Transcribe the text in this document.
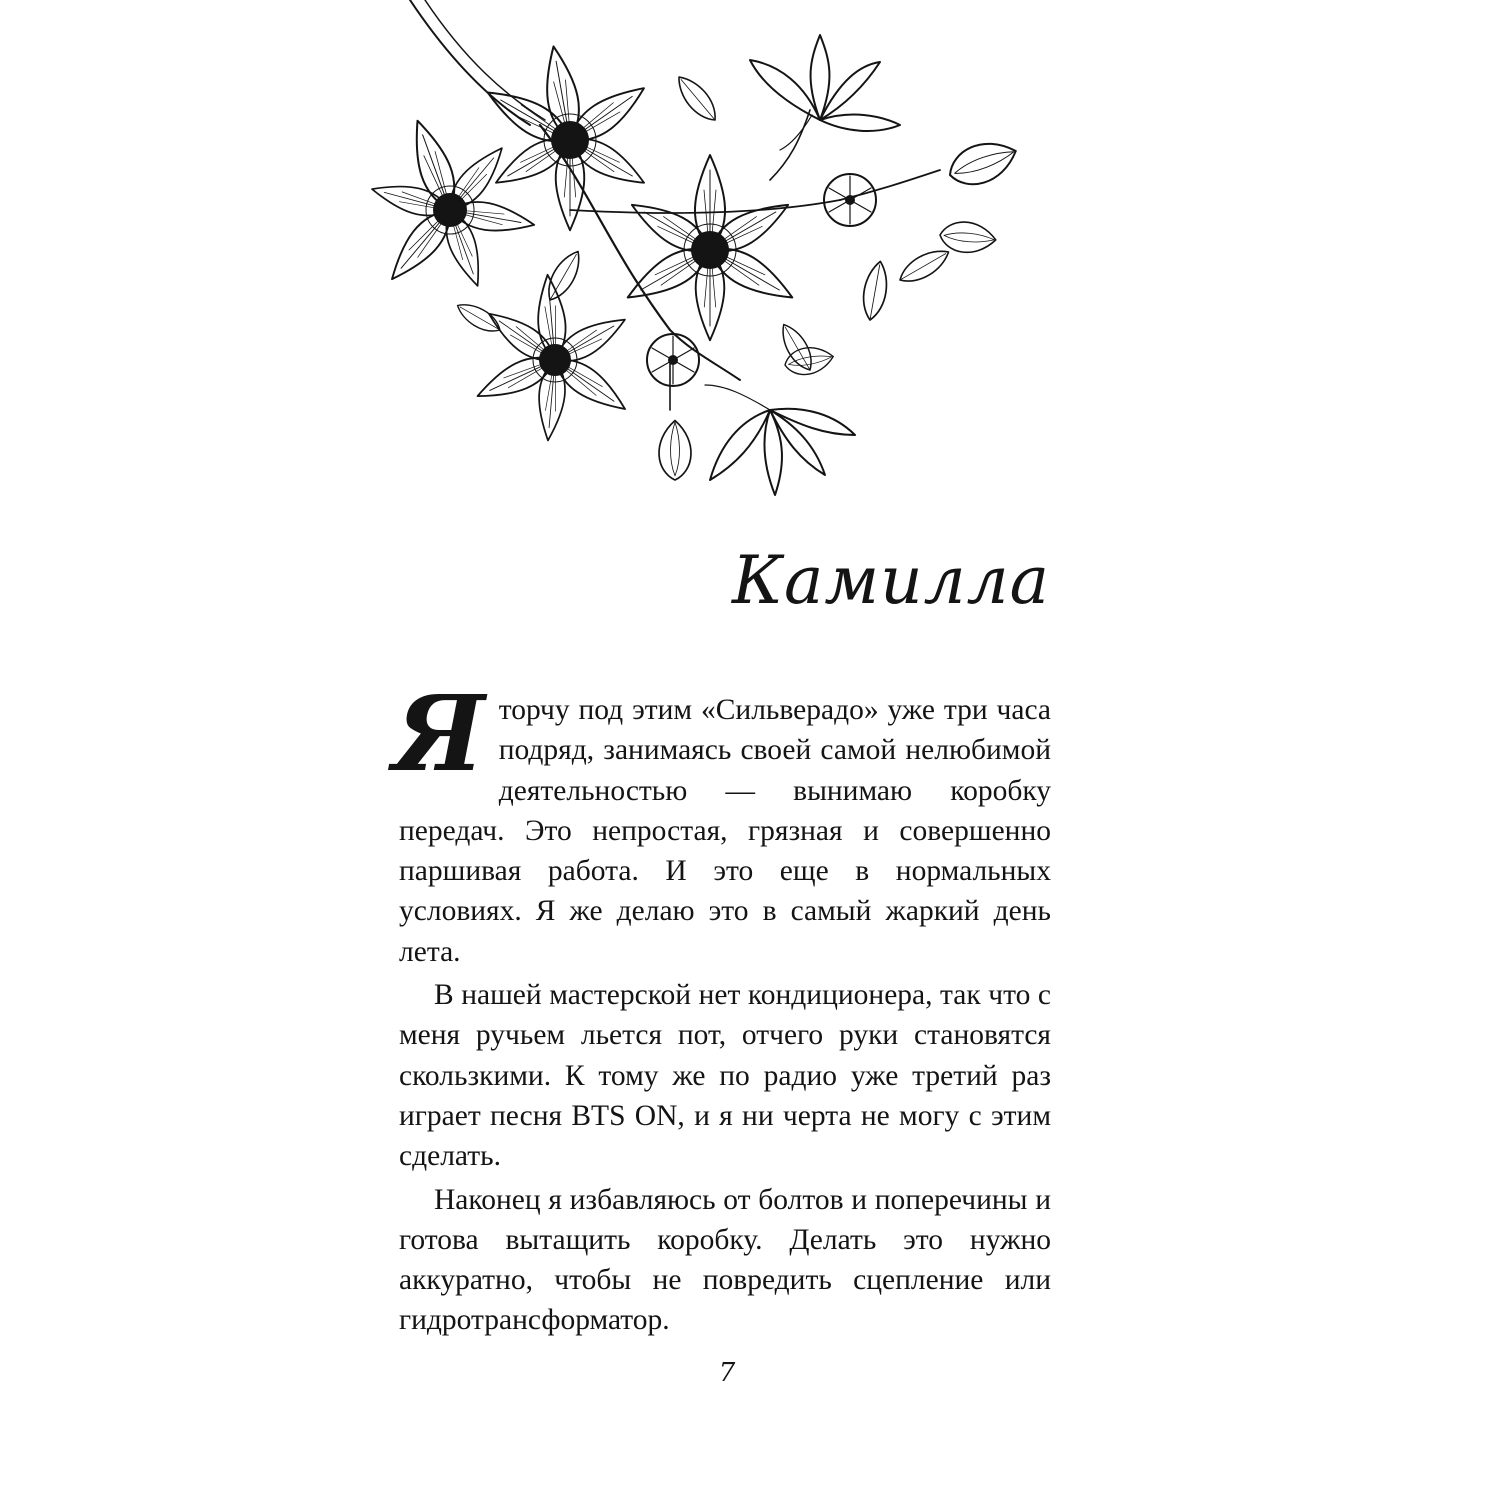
Камилла

Яторчу под этим «Сильверадо» уже три часа подряд, занимаясь своей самой нелюбимой деятельностью — вынимаю коробку передач. Это непростая, грязная и совершенно паршивая работа. И это еще в нормальных условиях. Я же делаю это в самый жаркий день лета.

В нашей мастерской нет кондиционера, так что с меня ручьем льется пот, отчего руки становятся скользкими. К тому же по радио уже третий раз играет песня BTS ON, и я ни черта не могу с этим сделать.

Наконец я избавляюсь от болтов и поперечины и готова вытащить коробку. Делать это нужно аккуратно, чтобы не повредить сцепление или гидротрансформатор.

7
